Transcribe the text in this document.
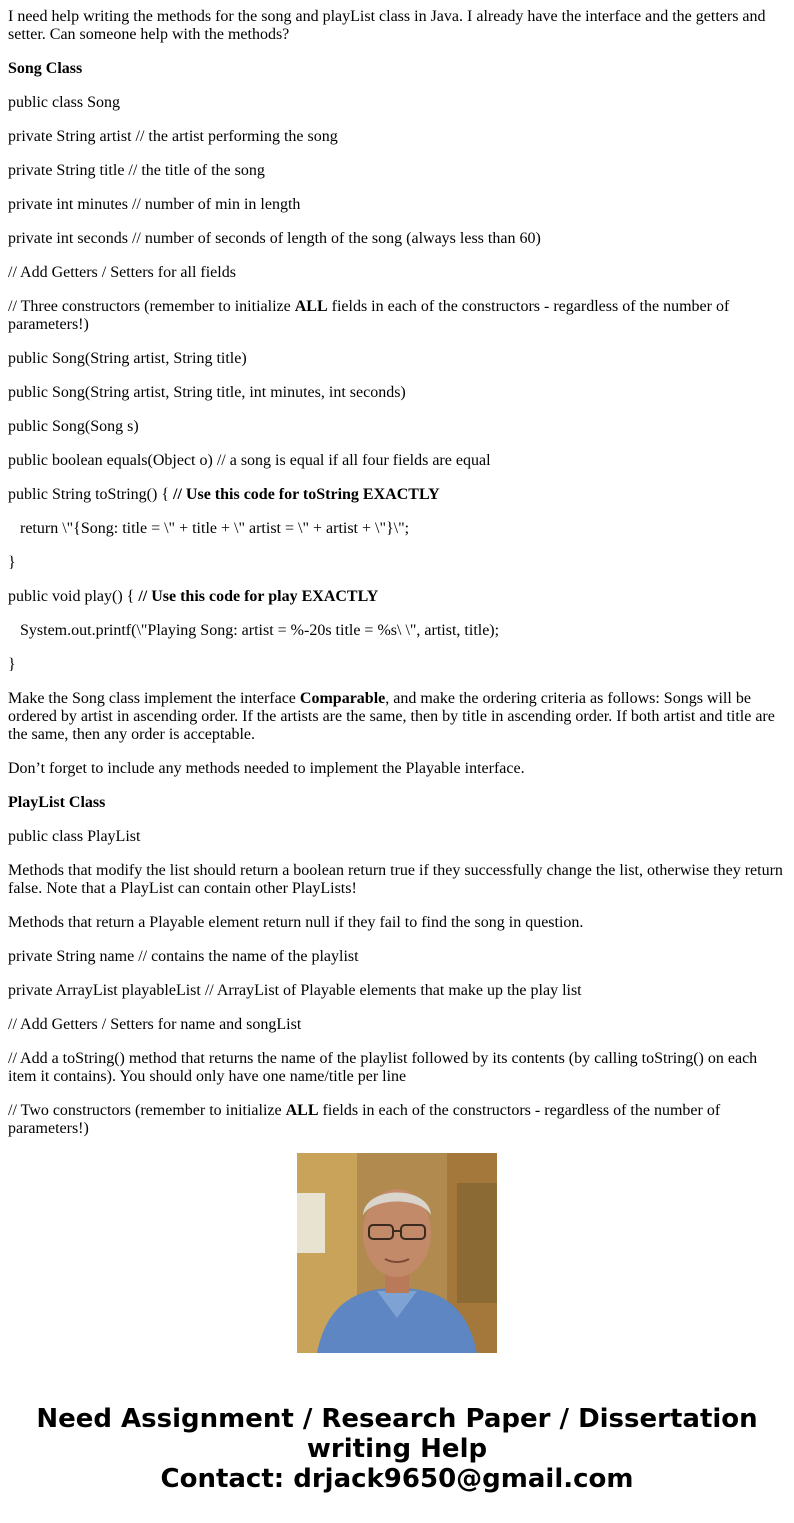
I need help writing the methods for the song and playList class in Java. I already have the interface and the getters and setter. Can someone help with the methods?

Song Class

public class Song

private String artist // the artist performing the song

private String title // the title of the song

private int minutes // number of min in length

private int seconds // number of seconds of length of the song (always less than 60)

// Add Getters / Setters for all fields

// Three constructors (remember to initialize ALL fields in each of the constructors - regardless of the number of parameters!)

public Song(String artist, String title)

public Song(String artist, String title, int minutes, int seconds)

public Song(Song s)

public boolean equals(Object o) // a song is equal if all four fields are equal

public String toString() { // Use this code for toString EXACTLY

return \"{Song: title = \" + title + \" artist = \" + artist + \"}\";

}

public void play() { // Use this code for play EXACTLY

System.out.printf(\"Playing Song: artist = %-20s title = %s\ \", artist, title);

}

Make the Song class implement the interface Comparable, and make the ordering criteria as follows: Songs will be ordered by artist in ascending order. If the artists are the same, then by title in ascending order. If both artist and title are the same, then any order is acceptable.

Don’t forget to include any methods needed to implement the Playable interface.

PlayList Class

public class PlayList

Methods that modify the list should return a boolean return true if they successfully change the list, otherwise they return false. Note that a PlayList can contain other PlayLists!

Methods that return a Playable element return null if they fail to find the song in question.

private String name // contains the name of the playlist

private ArrayList playableList // ArrayList of Playable elements that make up the play list

// Add Getters / Setters for name and songList

// Add a toString() method that returns the name of the playlist followed by its contents (by calling toString() on each item it contains). You should only have one name/title per line

// Two constructors (remember to initialize ALL fields in each of the constructors - regardless of the number of parameters!)

Need Assignment / Research Paper / Dissertation
writing Help
Contact: drjack9650@gmail.com
